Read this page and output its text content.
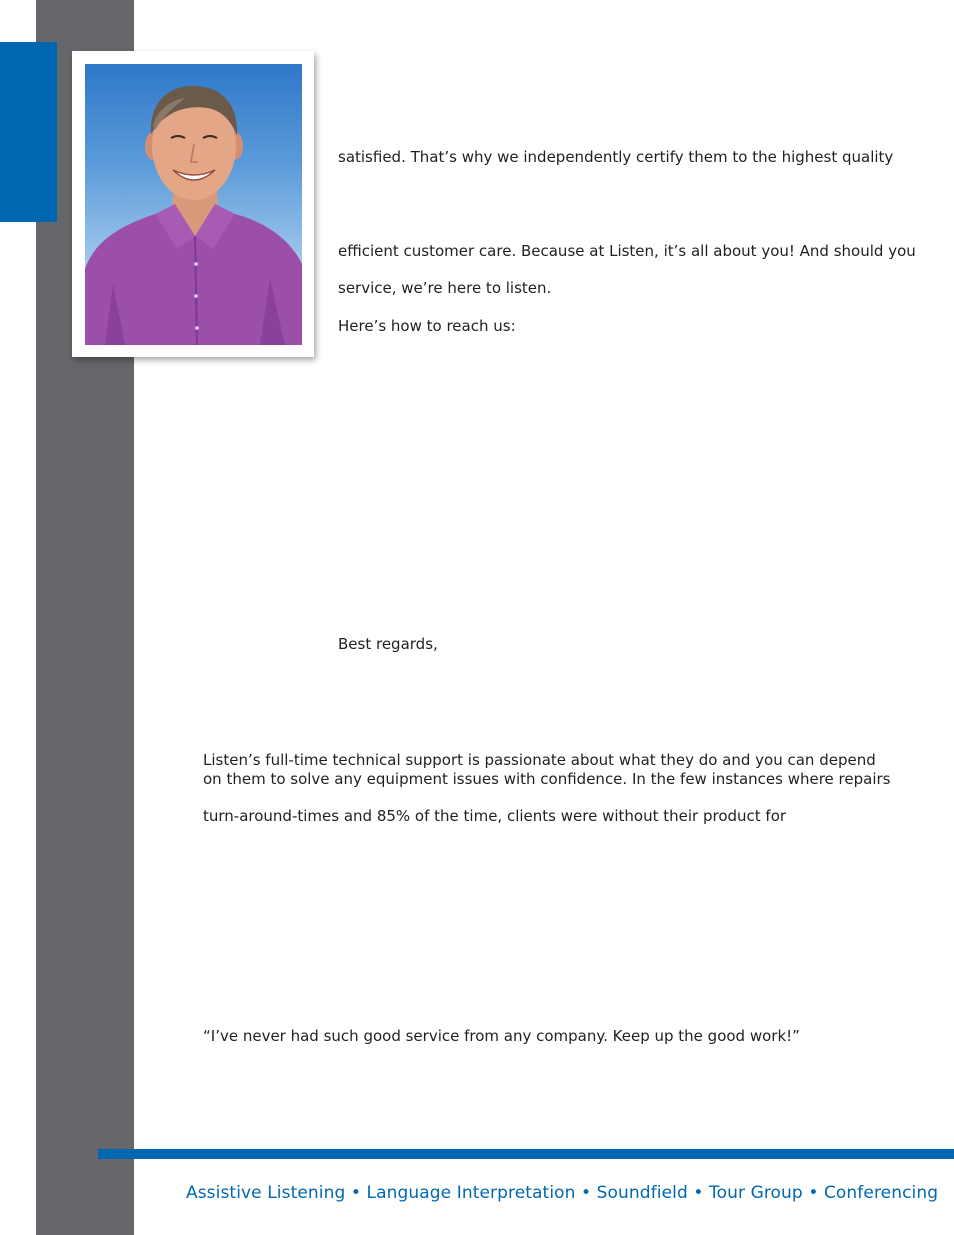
satisfied. That’s why we independently certify them to the highest quality

efficient customer care. Because at Listen, it’s all about you! And should you

service, we’re here to listen.

Here’s how to reach us:

Best regards,

Listen’s full-time technical support is passionate about what they do and you can depend

on them to solve any equipment issues with confidence. In the few instances where repairs

turn-around-times and 85% of the time, clients were without their product for

“I’ve never had such good service from any company. Keep up the good work!”

Assistive Listening • Language Interpretation • Soundfield • Tour Group • Conferencing
